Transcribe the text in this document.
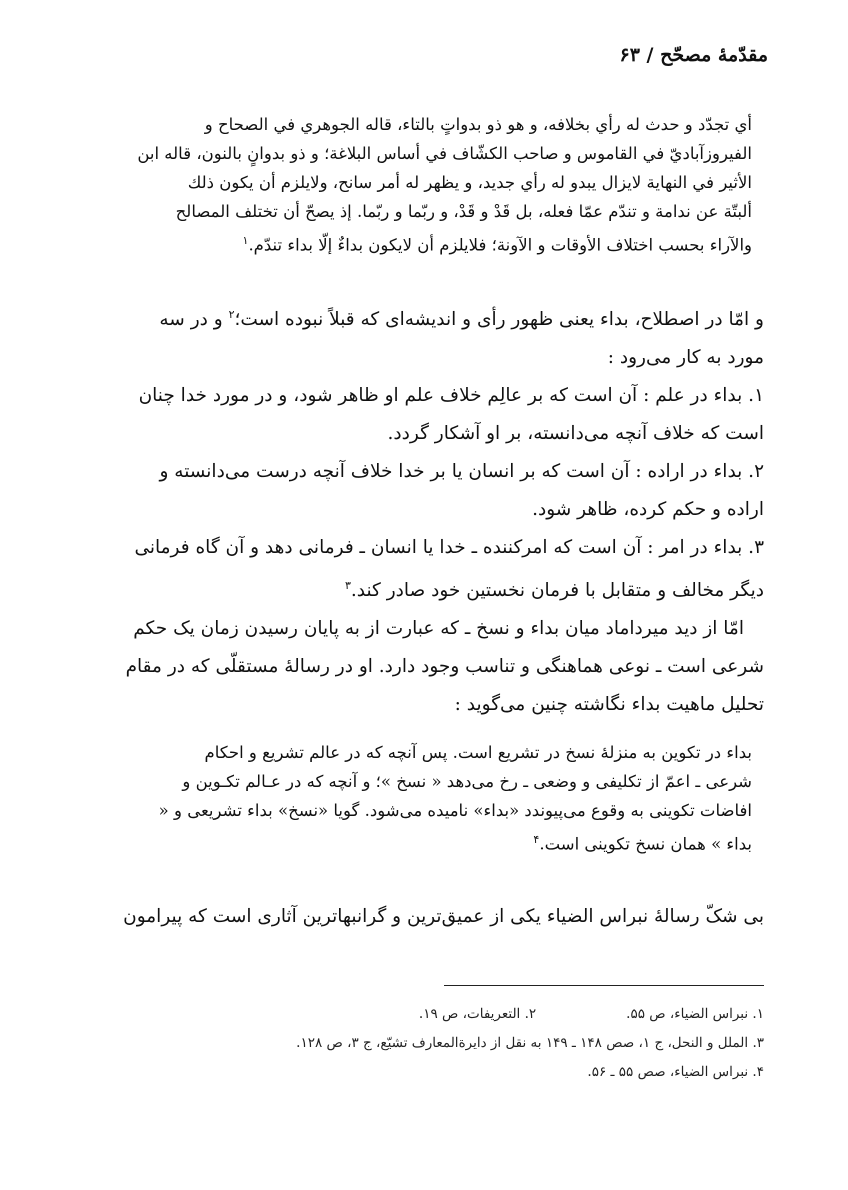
مقدّمهٔ مصحّح / ۶۳
أي تجدّد و حدث له رأي بخلافه، و هو ذو بدواتٍ بالتاء، قاله الجوهري في الصحاح و
الفيروزآباديّ في القاموس و صاحب الكشّاف في أساس البلاغة؛ و ذو بدوانٍ بالنون، قاله ابن
الأثير في النهاية لايزال يبدو له رأي جديد، و يظهر له أمر سانح، ولايلزم أن يكون ذلك
ألبتّة عن ندامة و تندّم عمّا فعله، بل قَدْ و قَدْ، و ربّما و ربّما. إذ يصحّ أن تختلف المصالح
والآراء بحسب اختلاف الأوقات و الآونة؛ فلايلزم أن لايكون بداءٌ إلّا بداء تندّم.$^۱$
و امّا در اصطلاح، بداء یعنی ظهور رأی و اندیشه‌ای که قبلاً نبوده است؛$^۲$ و در سه
مورد به کار می‌رود :
۱. بداء در علم : آن است که بر عالِم خلاف علم او ظاهر شود، و در مورد خدا چنان
است که خلاف آنچه می‌دانسته، بر او آشکار گردد.
۲. بداء در اراده : آن است که بر انسان یا بر خدا خلاف آنچه درست می‌دانسته و
اراده و حکم کرده، ظاهر شود.
۳. بداء در امر : آن است که امرکننده ـ خدا یا انسان ـ فرمانی دهد و آن گاه فرمانی
دیگر مخالف و متقابل با فرمان نخستین خود صادر کند.$^۳$
امّا از دید میرداماد میان بداء و نسخ ـ که عبارت از به پایان رسیدن زمان یک حکم
شرعی است ـ نوعی هماهنگی و تناسب وجود دارد. او در رسالهٔ مستقلّی که در مقام
تحلیل ماهیت بداء نگاشته چنین می‌گوید :
بداء در تکوین به منزلهٔ نسخ در تشریع است. پس آنچه که در عالم تشریع و احکام
شرعی ـ اعمّ از تکلیفی و وضعی ـ رخ می‌دهد « نسخ »؛ و آنچه که در عـالم تکـوین و
افاضات تکوینی به وقوع می‌پیوندد «بداء» نامیده می‌شود. گویا «نسخ» بداء تشریعی و «
بداء » همان نسخ تکوینی است.$^۴$
بی شکّ رسالهٔ نبراس الضیاء یکی از عمیق‌ترین و گرانبهاترین آثاری است که پیرامون
۱. نبراس الضیاء، ص ۵۵.۲. التعریفات، ص ۱۹.
۳. الملل و النحل، ج ۱، صص ۱۴۸ ـ ۱۴۹ به نقل از دایرةالمعارف تشیّع، ج ۳، ص ۱۲۸.
۴. نبراس الضیاء، صص ۵۵ ـ ۵۶.
